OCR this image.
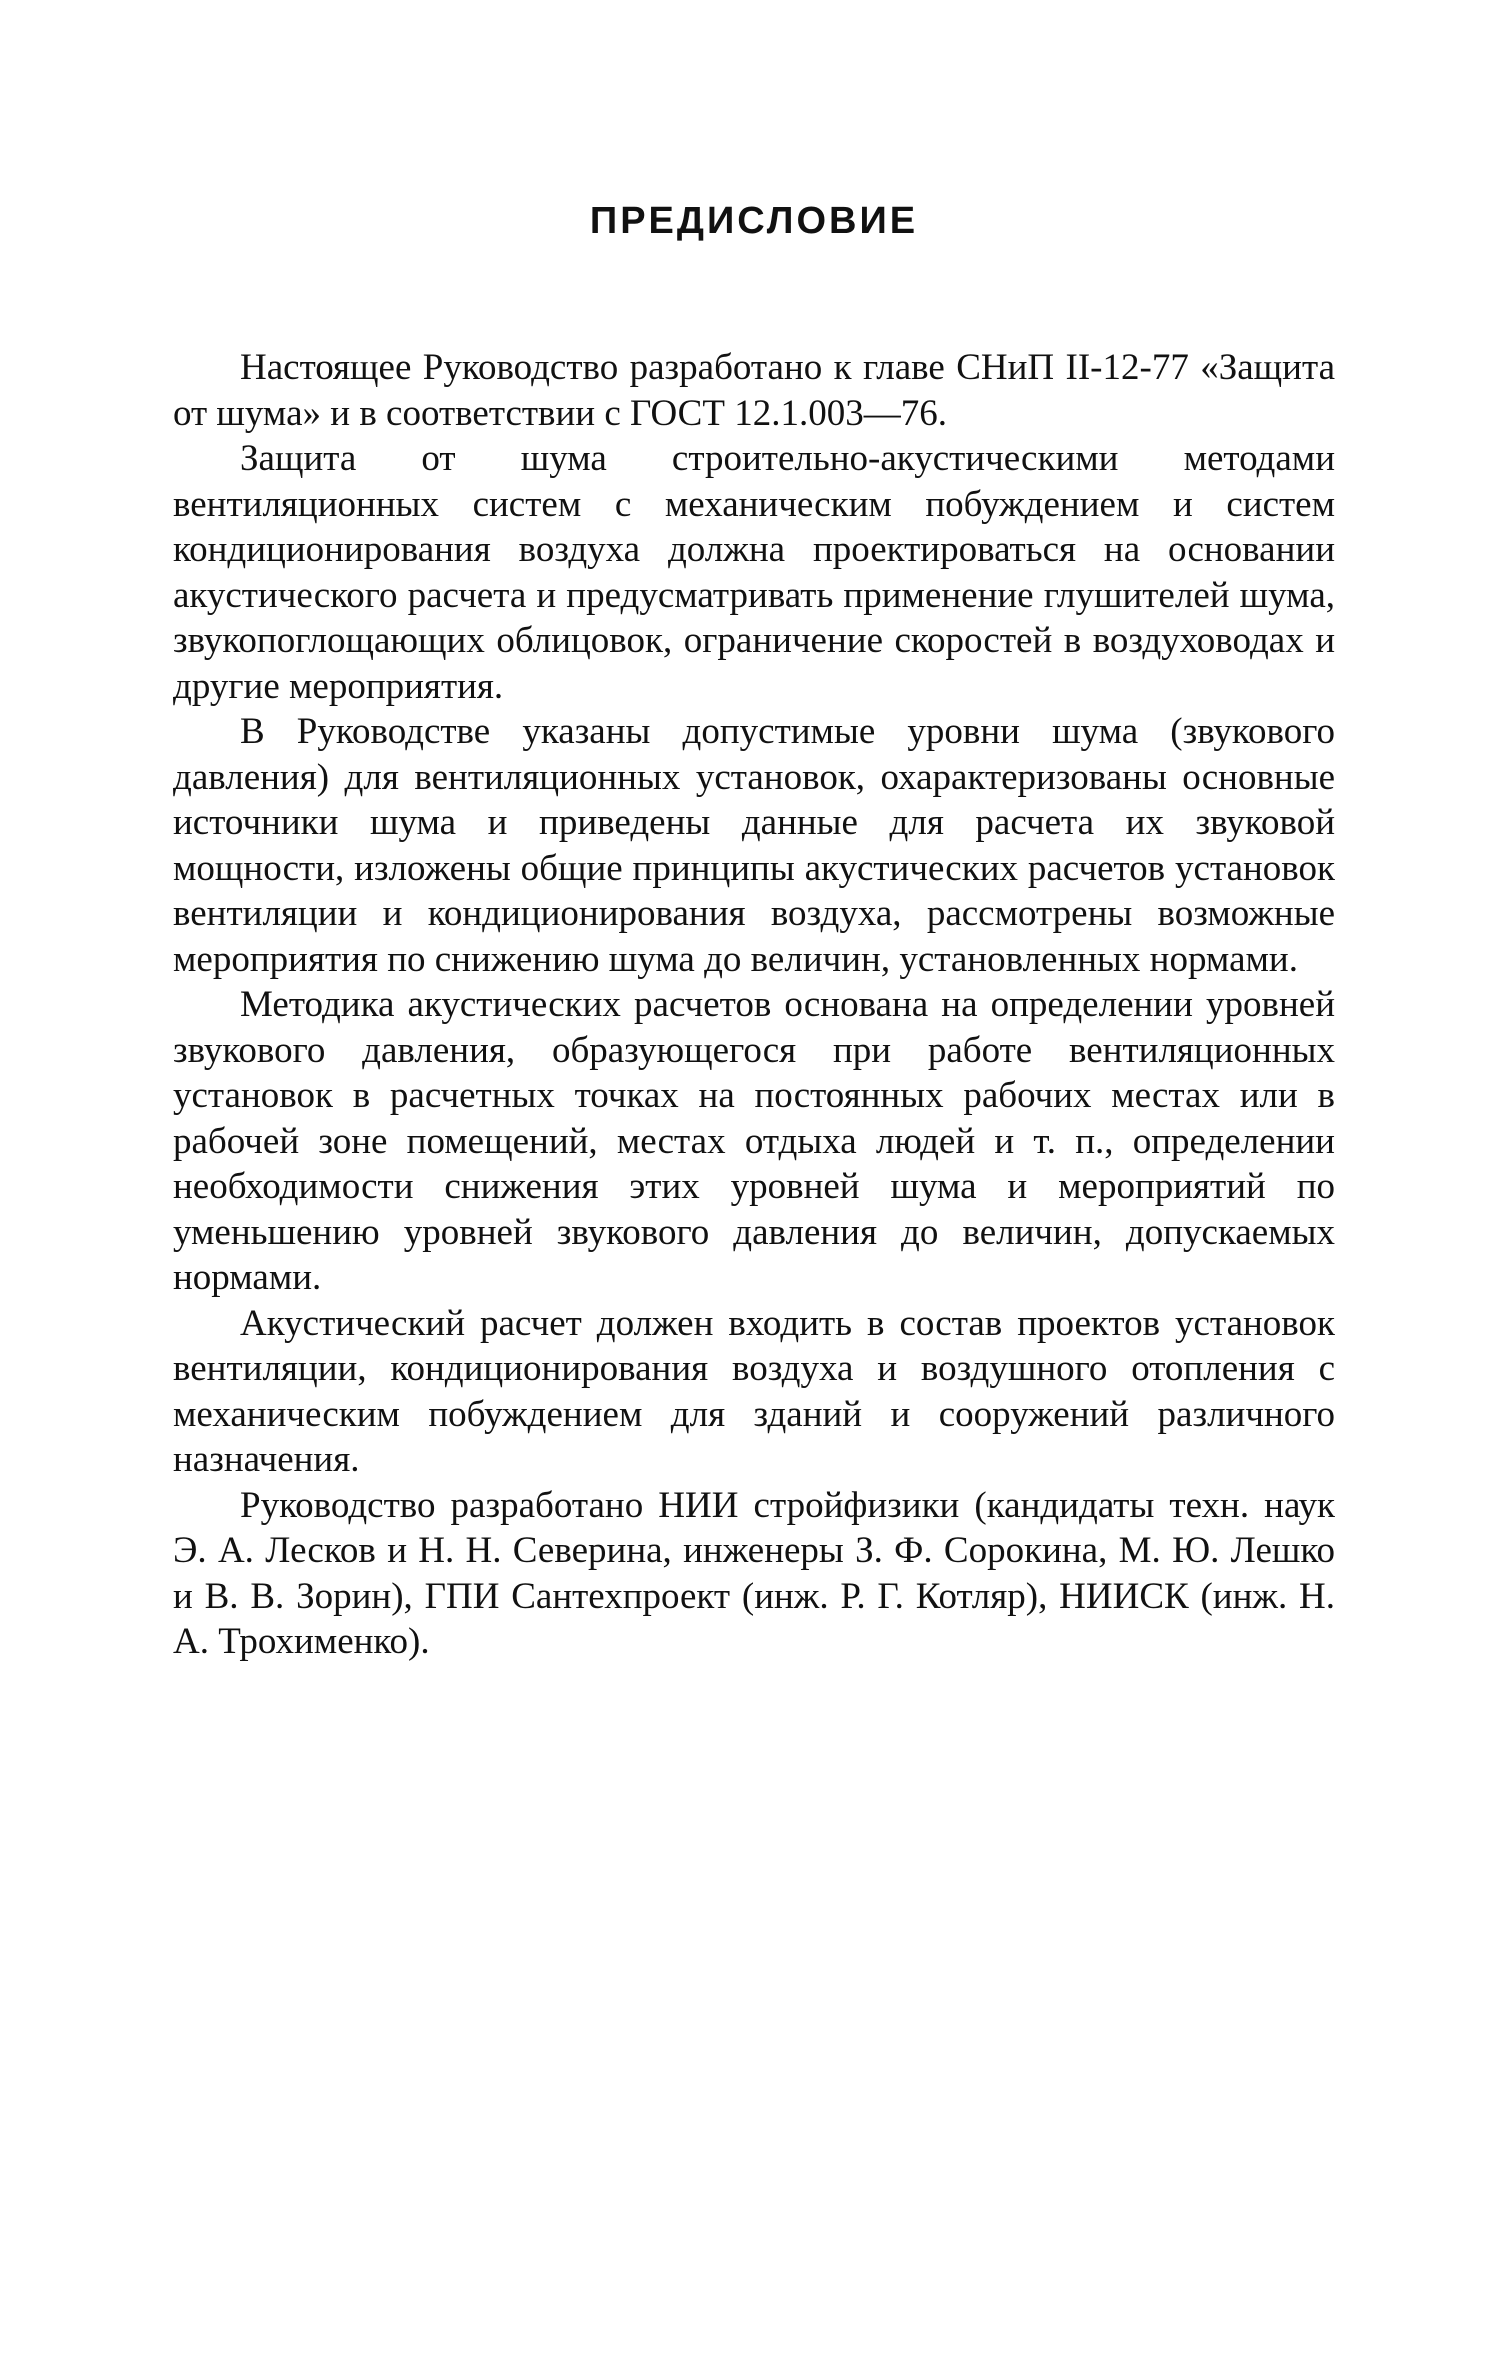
ПРЕДИСЛОВИЕ

Настоящее Руководство разработано к главе СНиП II-12-77 «Защита от шума» и в соответствии с ГОСТ 12.1.003—76.

Защита от шума строительно-акустическими методами вентиляционных систем с механическим побуждением и систем кондиционирования воздуха должна проектироваться на основании акустического расчета и предусматривать применение глушителей шума, звукопоглощающих облицовок, ограничение скоростей в воздуховодах и другие мероприятия.

В Руководстве указаны допустимые уровни шума (звукового давления) для вентиляционных установок, охарактеризованы основные источники шума и приведены данные для расчета их звуковой мощности, изложены общие принципы акустических расчетов установок вентиляции и кондиционирования воздуха, рассмотрены возможные мероприятия по снижению шума до величин, установленных нормами.

Методика акустических расчетов основана на определении уровней звукового давления, образующегося при работе вентиляционных установок в расчетных точках на постоянных рабочих местах или в рабочей зоне помещений, местах отдыха людей и т. п., определении необходимости снижения этих уровней шума и мероприятий по уменьшению уровней звукового давления до величин, допускаемых нормами.

Акустический расчет должен входить в состав проектов установок вентиляции, кондиционирования воздуха и воздушного отопления с механическим побуждением для зданий и сооружений различного назначения.

Руководство разработано НИИ стройфизики (кандидаты техн. наук Э. А. Лесков и Н. Н. Северина, инженеры З. Ф. Сорокина, М. Ю. Лешко и В. В. Зорин), ГПИ Сантехпроект (инж. Р. Г. Котляр), НИИСК (инж. Н. А. Трохименко).
